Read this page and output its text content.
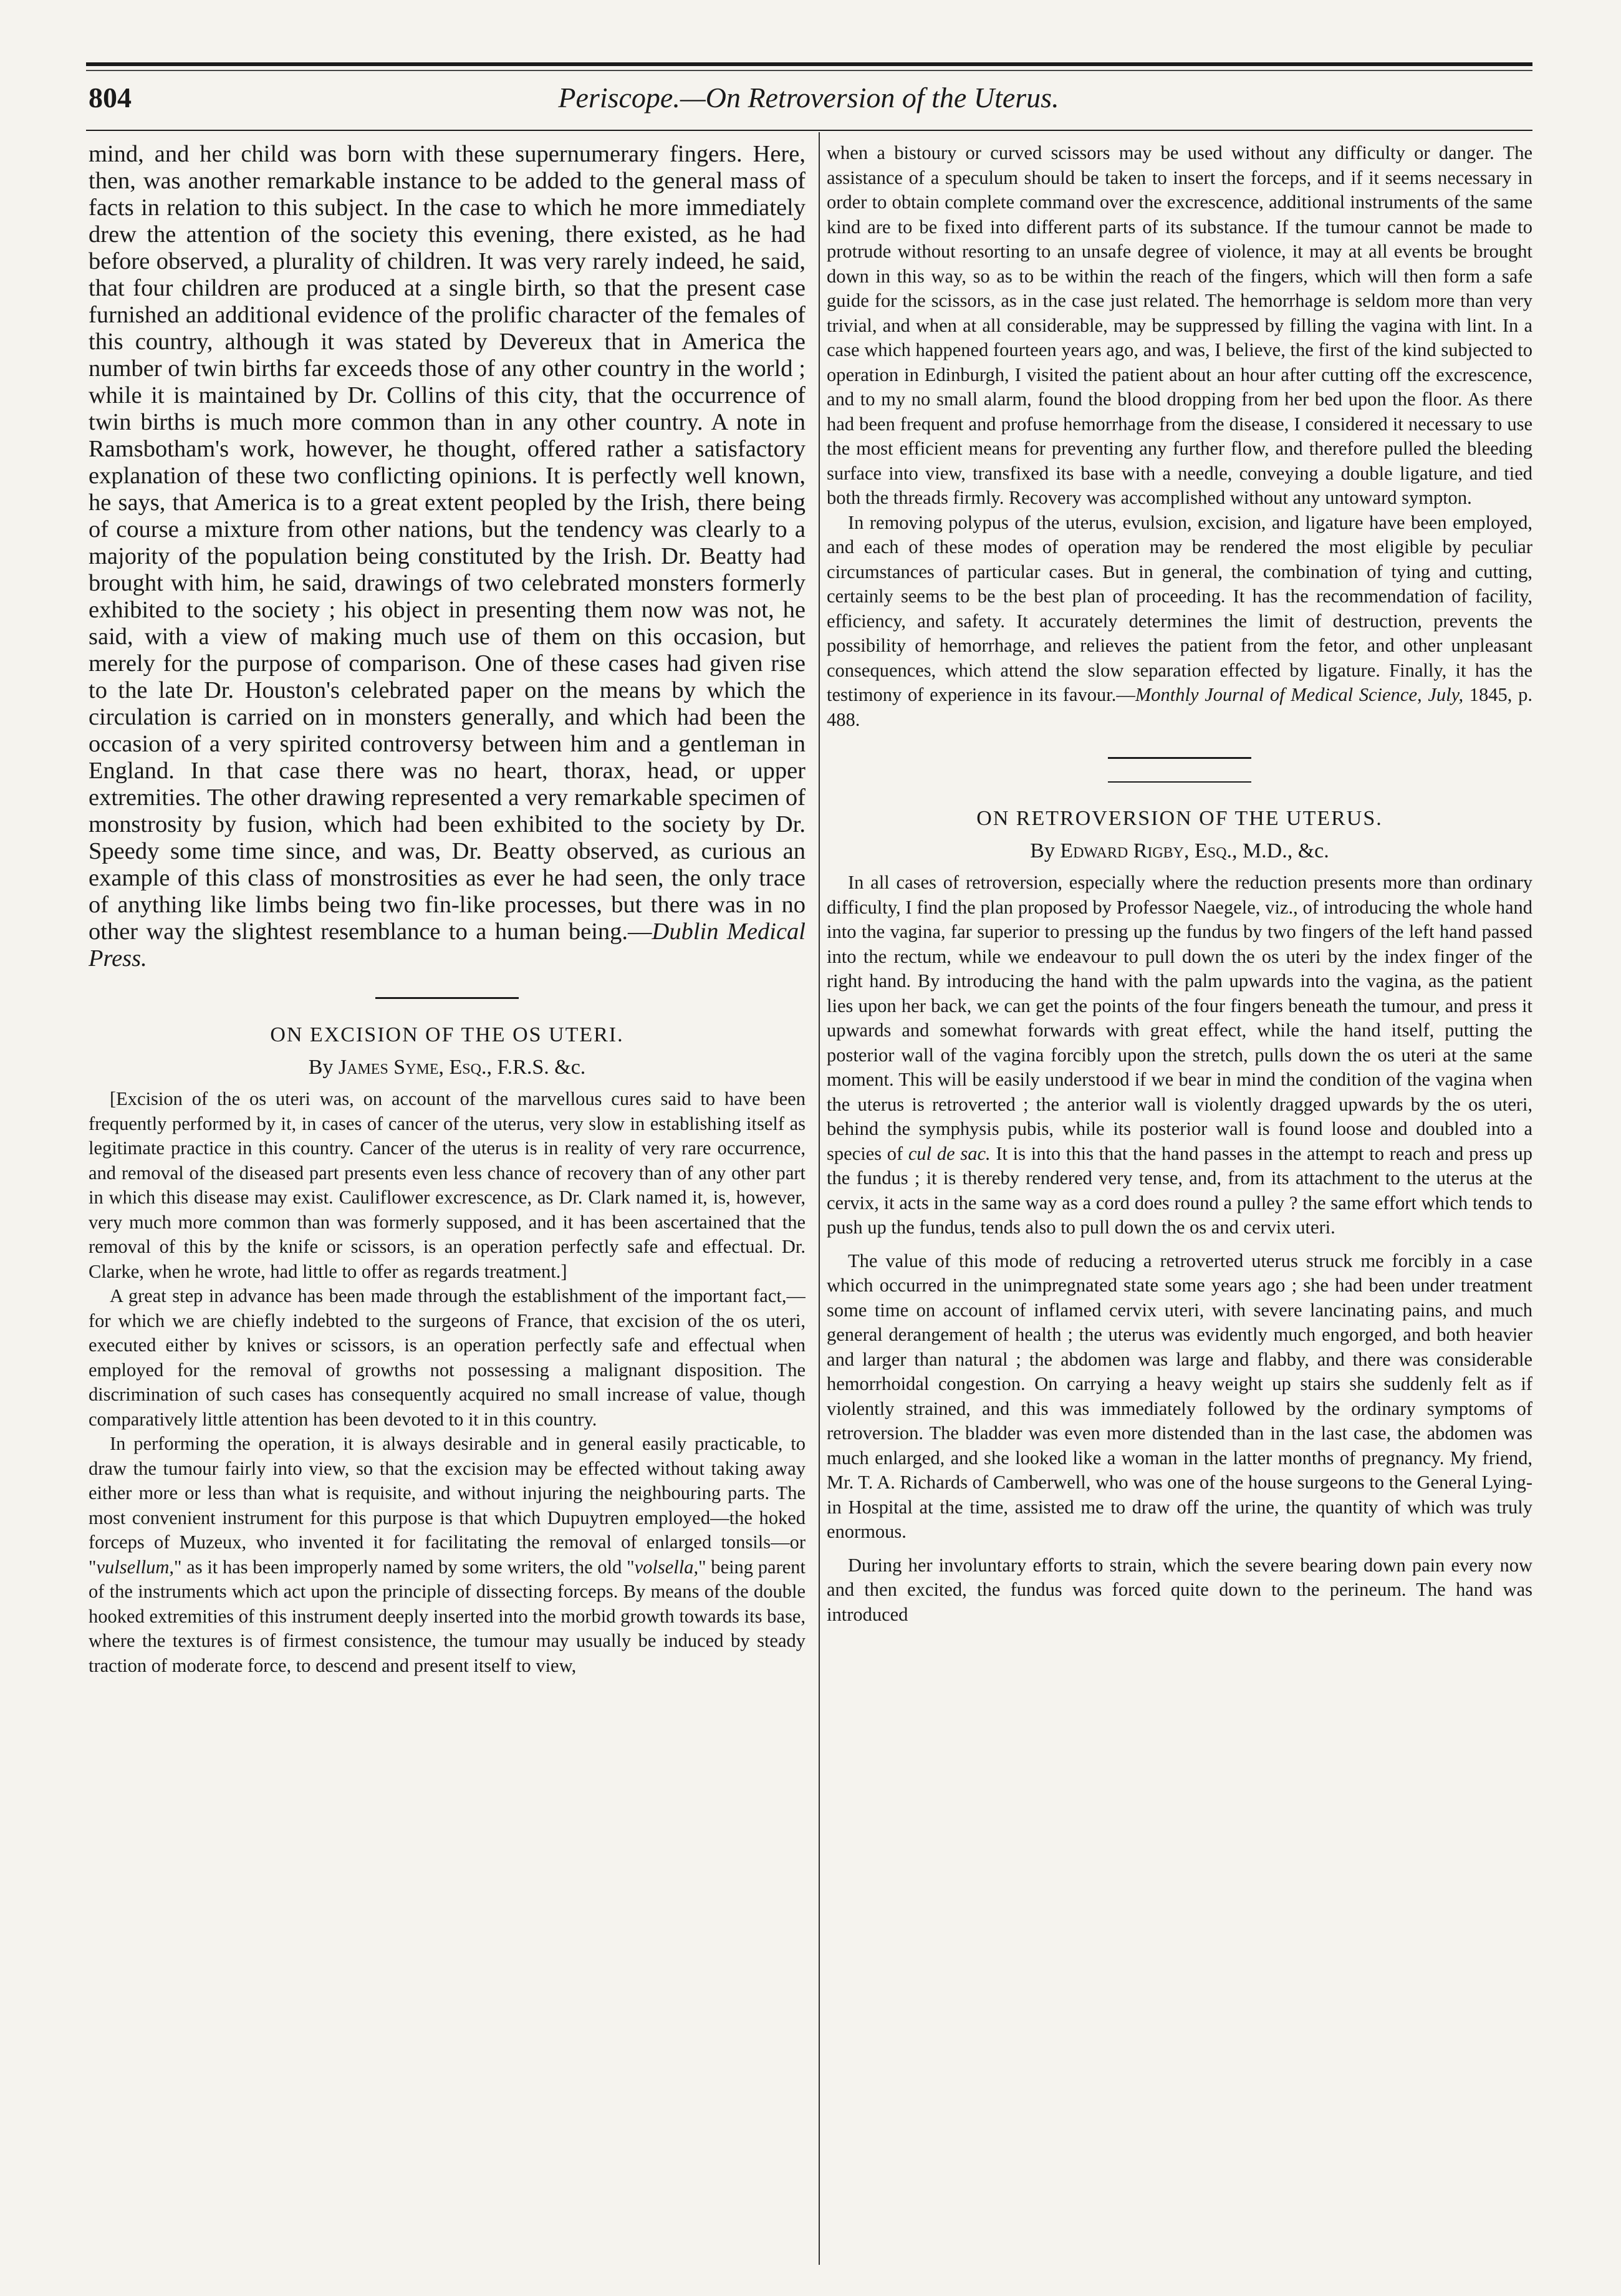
804	Periscope.—On Retroversion of the Uterus.

mind, and her child was born with these supernumerary fingers. Here, then, was another remarkable instance to be added to the general mass of facts in relation to this subject. In the case to which he more immediately drew the attention of the society this evening, there existed, as he had before observed, a plurality of children. It was very rarely indeed, he said, that four children are produced at a single birth, so that the present case furnished an additional evidence of the prolific character of the females of this country, although it was stated by Devereux that in America the number of twin births far exceeds those of any other country in the world ; while it is maintained by Dr. Collins of this city, that the occurrence of twin births is much more common than in any other country. A note in Ramsbotham's work, however, he thought, offered rather a satisfactory explanation of these two conflicting opinions. It is perfectly well known, he says, that America is to a great extent peopled by the Irish, there being of course a mixture from other nations, but the tendency was clearly to a majority of the population being constituted by the Irish. Dr. Beatty had brought with him, he said, drawings of two celebrated monsters formerly exhibited to the society ; his object in presenting them now was not, he said, with a view of making much use of them on this occasion, but merely for the purpose of comparison. One of these cases had given rise to the late Dr. Houston's celebrated paper on the means by which the circulation is carried on in monsters generally, and which had been the occasion of a very spirited controversy between him and a gentleman in England. In that case there was no heart, thorax, head, or upper extremities. The other drawing represented a very remarkable specimen of monstrosity by fusion, which had been exhibited to the society by Dr. Speedy some time since, and was, Dr. Beatty observed, as curious an example of this class of monstrosities as ever he had seen, the only trace of anything like limbs being two fin-like processes, but there was in no other way the slightest resemblance to a human being.—Dublin Medical Press.

ON EXCISION OF THE OS UTERI.
By James Syme, Esq., F.R.S. &c.

[Excision of the os uteri was, on account of the marvellous cures said to have been frequently performed by it, in cases of cancer of the uterus, very slow in establishing itself as legitimate practice in this country. Cancer of the uterus is in reality of very rare occurrence, and removal of the diseased part presents even less chance of recovery than of any other part in which this disease may exist. Cauliflower excrescence, as Dr. Clark named it, is, however, very much more common than was formerly supposed, and it has been ascertained that the removal of this by the knife or scissors, is an operation perfectly safe and effectual. Dr. Clarke, when he wrote, had little to offer as regards treatment.]

A great step in advance has been made through the establishment of the important fact,—for which we are chiefly indebted to the surgeons of France, that excision of the os uteri, executed either by knives or scissors, is an operation perfectly safe and effectual when employed for the removal of growths not possessing a malignant disposition. The discrimination of such cases has consequently acquired no small increase of value, though comparatively little attention has been devoted to it in this country.

In performing the operation, it is always desirable and in general easily practicable, to draw the tumour fairly into view, so that the excision may be effected without taking away either more or less than what is requisite, and without injuring the neighbouring parts. The most convenient instrument for this purpose is that which Dupuytren employed—the hoked forceps of Muzeux, who invented it for facilitating the removal of enlarged tonsils—or "vulsellum," as it has been improperly named by some writers, the old "volsella," being parent of the instruments which act upon the principle of dissecting forceps. By means of the double hooked extremities of this instrument deeply inserted into the morbid growth towards its base, where the textures is of firmest consistence, the tumour may usually be induced by steady traction of moderate force, to descend and present itself to view,

when a bistoury or curved scissors may be used without any difficulty or danger. The assistance of a speculum should be taken to insert the forceps, and if it seems necessary in order to obtain complete command over the excrescence, additional instruments of the same kind are to be fixed into different parts of its substance. If the tumour cannot be made to protrude without resorting to an unsafe degree of violence, it may at all events be brought down in this way, so as to be within the reach of the fingers, which will then form a safe guide for the scissors, as in the case just related. The hemorrhage is seldom more than very trivial, and when at all considerable, may be suppressed by filling the vagina with lint. In a case which happened fourteen years ago, and was, I believe, the first of the kind subjected to operation in Edinburgh, I visited the patient about an hour after cutting off the excrescence, and to my no small alarm, found the blood dropping from her bed upon the floor. As there had been frequent and profuse hemorrhage from the disease, I considered it necessary to use the most efficient means for preventing any further flow, and therefore pulled the bleeding surface into view, transfixed its base with a needle, conveying a double ligature, and tied both the threads firmly. Recovery was accomplished without any untoward sympton.

In removing polypus of the uterus, evulsion, excision, and ligature have been employed, and each of these modes of operation may be rendered the most eligible by peculiar circumstances of particular cases. But in general, the combination of tying and cutting, certainly seems to be the best plan of proceeding. It has the recommendation of facility, efficiency, and safety. It accurately determines the limit of destruction, prevents the possibility of hemorrhage, and relieves the patient from the fetor, and other unpleasant consequences, which attend the slow separation effected by ligature. Finally, it has the testimony of experience in its favour.—Monthly Journal of Medical Science, July, 1845, p. 488.

ON RETROVERSION OF THE UTERUS.
By Edward Rigby, Esq., M.D., &c.

In all cases of retroversion, especially where the reduction presents more than ordinary difficulty, I find the plan proposed by Professor Naegele, viz., of introducing the whole hand into the vagina, far superior to pressing up the fundus by two fingers of the left hand passed into the rectum, while we endeavour to pull down the os uteri by the index finger of the right hand. By introducing the hand with the palm upwards into the vagina, as the patient lies upon her back, we can get the points of the four fingers beneath the tumour, and press it upwards and somewhat forwards with great effect, while the hand itself, putting the posterior wall of the vagina forcibly upon the stretch, pulls down the os uteri at the same moment. This will be easily understood if we bear in mind the condition of the vagina when the uterus is retroverted ; the anterior wall is violently dragged upwards by the os uteri, behind the symphysis pubis, while its posterior wall is found loose and doubled into a species of cul de sac. It is into this that the hand passes in the attempt to reach and press up the fundus ; it is thereby rendered very tense, and, from its attachment to the uterus at the cervix, it acts in the same way as a cord does round a pulley ? the same effort which tends to push up the fundus, tends also to pull down the os and cervix uteri.

The value of this mode of reducing a retroverted uterus struck me forcibly in a case which occurred in the unimpregnated state some years ago ; she had been under treatment some time on account of inflamed cervix uteri, with severe lancinating pains, and much general derangement of health ; the uterus was evidently much engorged, and both heavier and larger than natural ; the abdomen was large and flabby, and there was considerable hemorrhoidal congestion. On carrying a heavy weight up stairs she suddenly felt as if violently strained, and this was immediately followed by the ordinary symptoms of retroversion. The bladder was even more distended than in the last case, the abdomen was much enlarged, and she looked like a woman in the latter months of pregnancy. My friend, Mr. T. A. Richards of Camberwell, who was one of the house surgeons to the General Lying-in Hospital at the time, assisted me to draw off the urine, the quantity of which was truly enormous.

During her involuntary efforts to strain, which the severe bearing down pain every now and then excited, the fundus was forced quite down to the perineum. The hand was introduced
